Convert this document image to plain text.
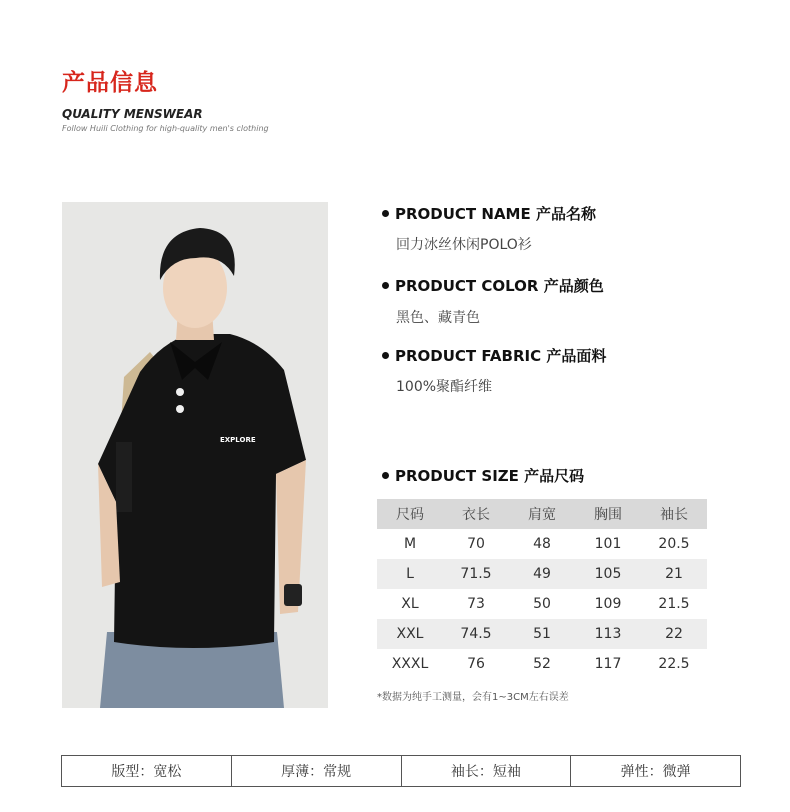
产品信息
QUALITY MENSWEAR
Follow Huili Clothing for high-quality men's clothing
EXPLORE
PRODUCT NAME 产品名称
回力冰丝休闲POLO衫
PRODUCT COLOR 产品颜色
黑色、藏青色
PRODUCT FABRIC 产品面料
100%聚酯纤维
PRODUCT SIZE 产品尺码
尺码	衣长	肩宽	胸围	袖长
M	70	48	101	20.5
L	71.5	49	105	21
XL	73	50	109	21.5
XXL	74.5	51	113	22
XXXL	76	52	117	22.5
*数据为纯手工测量，会有1~3CM左右误差
版型： 宽松	厚薄： 常规	袖长： 短袖	弹性： 微弹
